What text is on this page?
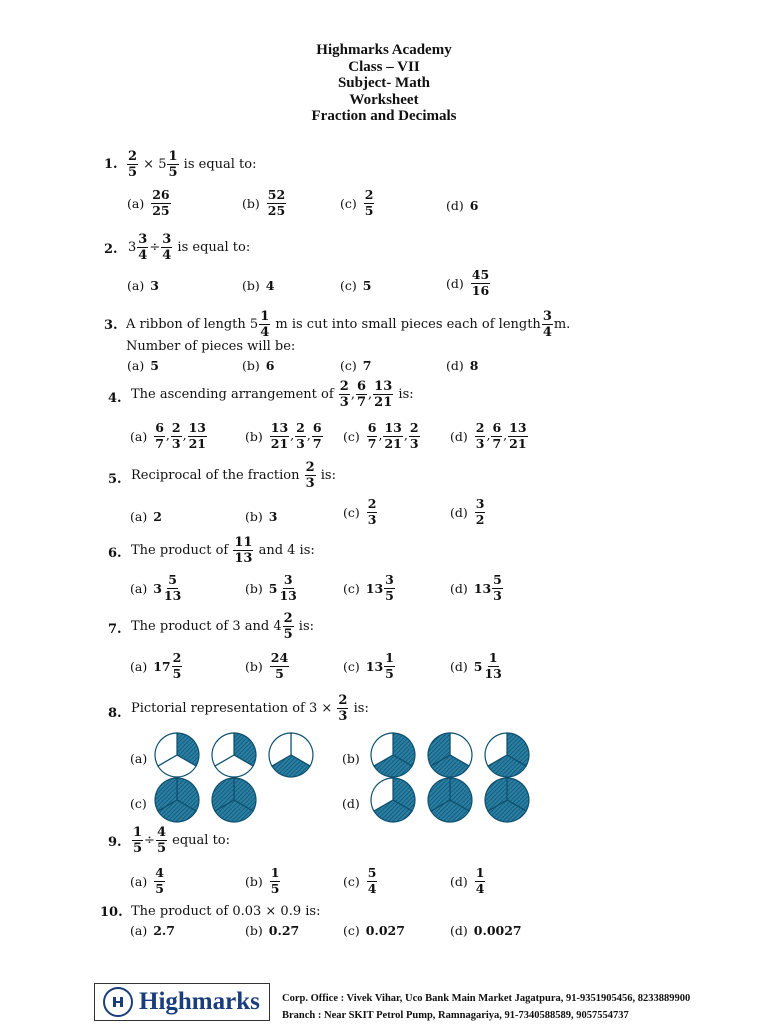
Highmarks Academy
Class – VII
Subject- Math
Worksheet
Fraction and Decimals
1. $\frac{2}{5} \times 5 \frac{1}{5}$ is equal to:
$(a) \frac{26}{25}$	$(b) \frac{52}{25}$	$(c) \frac{2}{5}$	(d) 6
2. $3 \frac{3}{4} \div \frac{3}{4}$ is equal to:
(a) 3	(b) 4	(c) 5	$(d) \frac{45}{16}$
3. A ribbon of length $5 \frac{1}{4}$ m is cut into small pieces each of length $\frac{3}{4} m$.
Number of pieces will be:
(a) 5	(b) 6	(c) 7	(d) 8
4. The ascending arrangement of $\frac{2}{3}$ , $\frac{6}{7}$ , $\frac{13}{21}$ is:
$(a) \frac{6}{7}$ , $\frac{2}{3}$ , $\frac{13}{21}$	$(b) \frac{13}{21}$ , $\frac{2}{3}$ , $\frac{6}{7} (c) \frac{6}{7}$ , $\frac{13}{21}$ , $\frac{2}{3} (d) \frac{2}{3}$ , $\frac{6}{7}$ , $\frac{13}{21}$
5. Reciprocal of the fraction $\frac{2}{3}$ is:
(a) 2	(b) 3	$(c) \frac{2}{3}$	$(d) \frac{3}{2}$
6. The product of $\frac{11}{13}$ and 4 is:
(a) $3 \frac{5}{13}$	(b) $5 \frac{3}{13}$	(c) $13 \frac{3}{5}$	(d) $13 \frac{5}{3}$
7. The product of 3 and $4 \frac{2}{5}$ is:
(a) $17 \frac{2}{5}$	$(b) \frac{24}{5}$	(c) $13 \frac{1}{5}$	(d) $5 \frac{1}{13}$
8. Pictorial representation of $3 \times \frac{2}{3}$ is:
(a)	(b)
(c)	(d)
9. $\frac{1}{5} \div \frac{4}{5}$ equal to:
$(a) \frac{4}{5}$	$(b) \frac{1}{5}$	$(c) \frac{5}{4}$	$(d) \frac{1}{4}$
10. The product of 0.03 × 0.9 is:
(a) 2.7	(b) 0.27	(c) 0.027	(d) 0.0027
Highmarks Corp. Office : Vivek Vihar, Uco Bank Main Market Jagatpura, 91-9351905456, 8233889900
Branch : Near SKIT Petrol Pump, Ramnagariya, 91-7340588589, 9057554737
